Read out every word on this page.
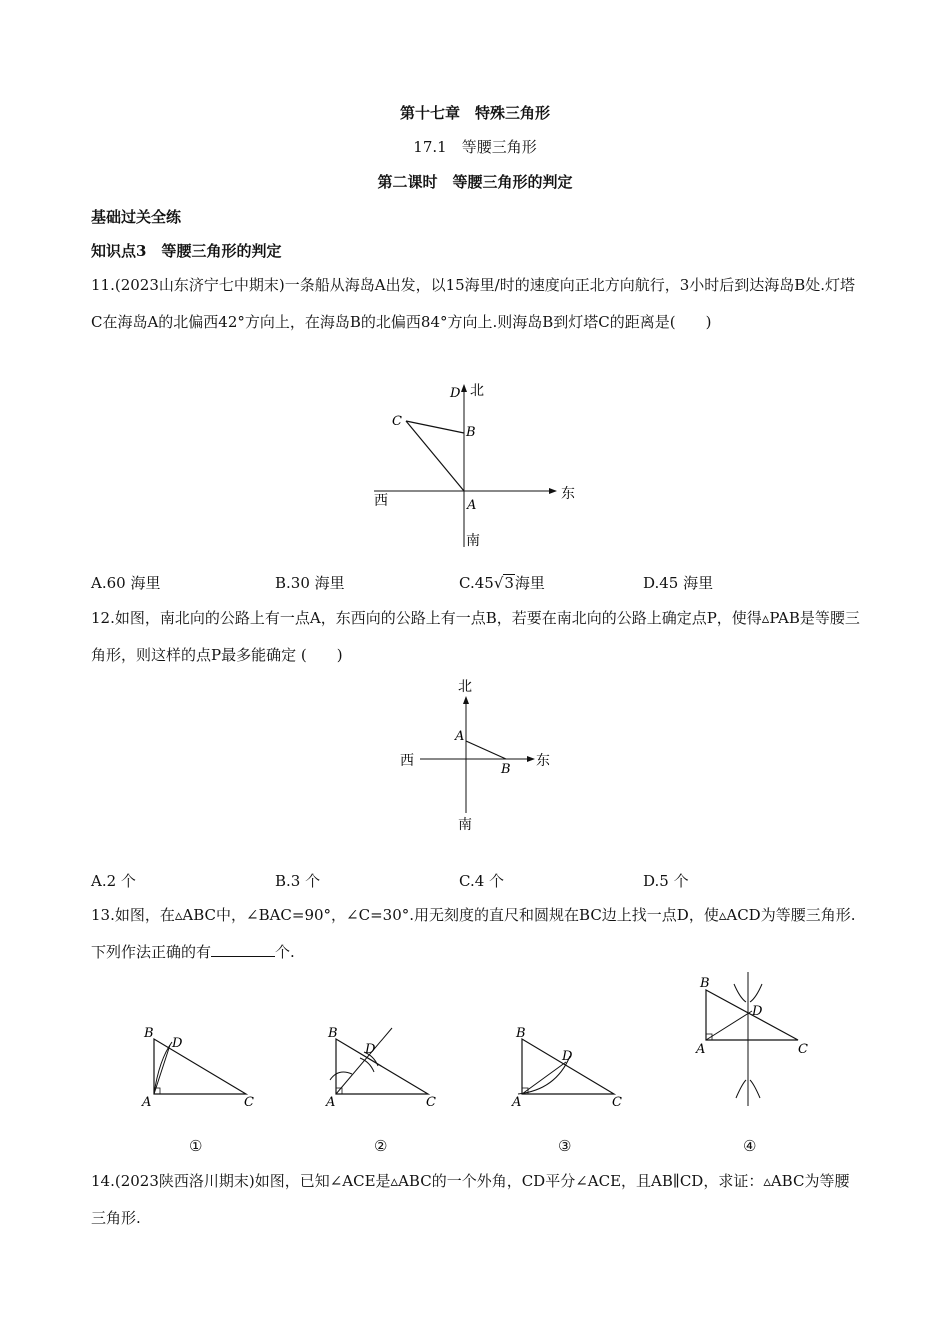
第十七章　特殊三角形
17.1　等腰三角形
第二课时　等腰三角形的判定
基础过关全练
知识点3　等腰三角形的判定
11.(2023山东济宁七中期末)一条船从海岛A出发，以15海里/时的速度向正北方向航行，3小时后到达海岛B处.灯塔C在海岛A的北偏西42°方向上，在海岛B的北偏西84°方向上.则海岛B到灯塔C的距离是(　　)
北
D
C
B
A
西	东
南
A.60 海里	B.30 海里	C.45√3海里	D.45 海里
12.如图，南北向的公路上有一点A，东西向的公路上有一点B，若要在南北向的公路上确定点P，使得▵PAB是等腰三角形，则这样的点P最多能确定 (　　)
北
A
B
西	东
南
A.2 个	B.3 个	C.4 个	D.5 个
13.如图，在▵ABC中，∠BAC=90°，∠C=30°.用无刻度的直尺和圆规在BC边上找一点D，使▵ACD为等腰三角形.下列作法正确的有	个.
B
D
A	C
B
D
A	C
B
D
A	C
B
D
A	C
①	②	③	④
14.(2023陕西洛川期末)如图，已知∠ACE是▵ABC的一个外角，CD平分∠ACE，且AB∥CD，求证：▵ABC为等腰三角形.
